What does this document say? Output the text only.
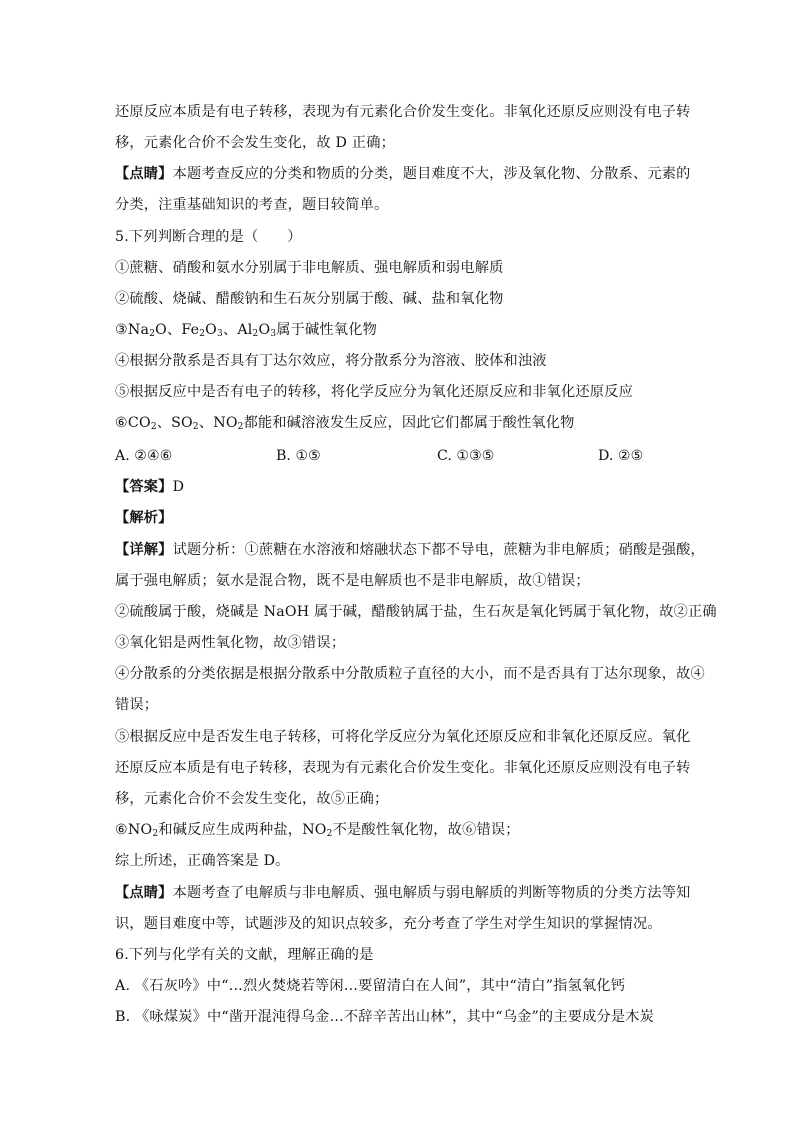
还原反应本质是有电子转移，表现为有元素化合价发生变化。非氧化还原反应则没有电子转
移，元素化合价不会发生变化，故 D 正确；
【点睛】本题考查反应的分类和物质的分类，题目难度不大，涉及氧化物、分散系、元素的
分类，注重基础知识的考查，题目较简单。
5.下列判断合理的是（　　）
①蔗糖、硝酸和氨水分别属于非电解质、强电解质和弱电解质
②硫酸、烧碱、醋酸钠和生石灰分别属于酸、碱、盐和氧化物
$③Na_2O$、$Fe_2O_3$、$Al_2O_3$属于碱性氧化物
④根据分散系是否具有丁达尔效应，将分散系分为溶液、胶体和浊液
⑤根据反应中是否有电子的转移，将化学反应分为氧化还原反应和非氧化还原反应
$⑥CO_2$、$SO_2$、$NO_2$都能和碱溶液发生反应，因此它们都属于酸性氧化物
A. ②④⑥	B. ①⑤	C. ①③⑤	D. ②⑤
【答案】D
【解析】
【详解】试题分析：①蔗糖在水溶液和熔融状态下都不导电，蔗糖为非电解质；硝酸是强酸，
属于强电解质；氨水是混合物，既不是电解质也不是非电解质，故①错误；
②硫酸属于酸，烧碱是 NaOH 属于碱，醋酸钠属于盐，生石灰是氧化钙属于氧化物，故②正确
③氧化铝是两性氧化物，故③错误；
④分散系的分类依据是根据分散系中分散质粒子直径的大小，而不是否具有丁达尔现象，故④
错误；
⑤根据反应中是否发生电子转移，可将化学反应分为氧化还原反应和非氧化还原反应。氧化
还原反应本质是有电子转移，表现为有元素化合价发生变化。非氧化还原反应则没有电子转
移，元素化合价不会发生变化，故⑤正确；
$⑥NO_2$和碱反应生成两种盐，$NO_2$不是酸性氧化物，故⑥错误；
综上所述，正确答案是 D。
【点睛】本题考查了电解质与非电解质、强电解质与弱电解质的判断等物质的分类方法等知
识，题目难度中等，试题涉及的知识点较多，充分考查了学生对学生知识的掌握情况。
6.下列与化学有关的文献，理解正确的是
A. 《石灰吟》中“…烈火焚烧若等闲…要留清白在人间”，其中“清白”指氢氧化钙
B. 《咏煤炭》中“凿开混沌得乌金…不辞辛苦出山林”，其中“乌金”的主要成分是木炭
